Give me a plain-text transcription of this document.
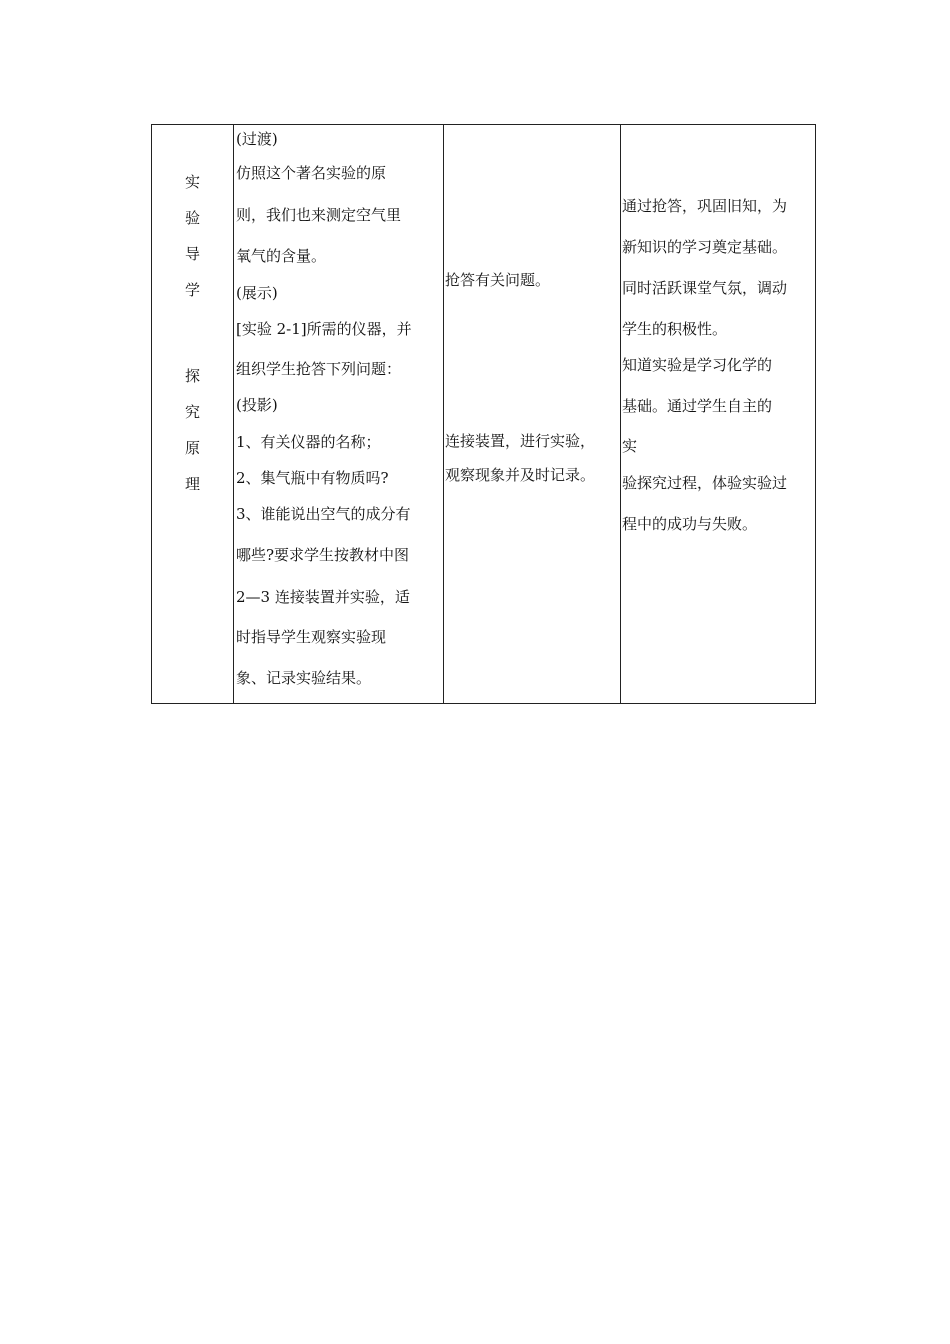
实
验
导
学
探
究
原
理
(过渡)
仿照这个著名实验的原
则，我们也来测定空气里
氧气的含量。
(展示)
[实验 2-1]所需的仪器，并
组织学生抢答下列问题：
(投影)
1、有关仪器的名称；
2、集气瓶中有物质吗?
3、谁能说出空气的成分有
哪些?要求学生按教材中图
2—3 连接装置并实验，适
时指导学生观察实验现
象、记录实验结果。
抢答有关问题。
连接装置，进行实验，
观察现象并及时记录。
通过抢答，巩固旧知，为
新知识的学习奠定基础。
同时活跃课堂气氛，调动
学生的积极性。
知道实验是学习化学的
基础。通过学生自主的
实
验探究过程，体验实验过
程中的成功与失败。
